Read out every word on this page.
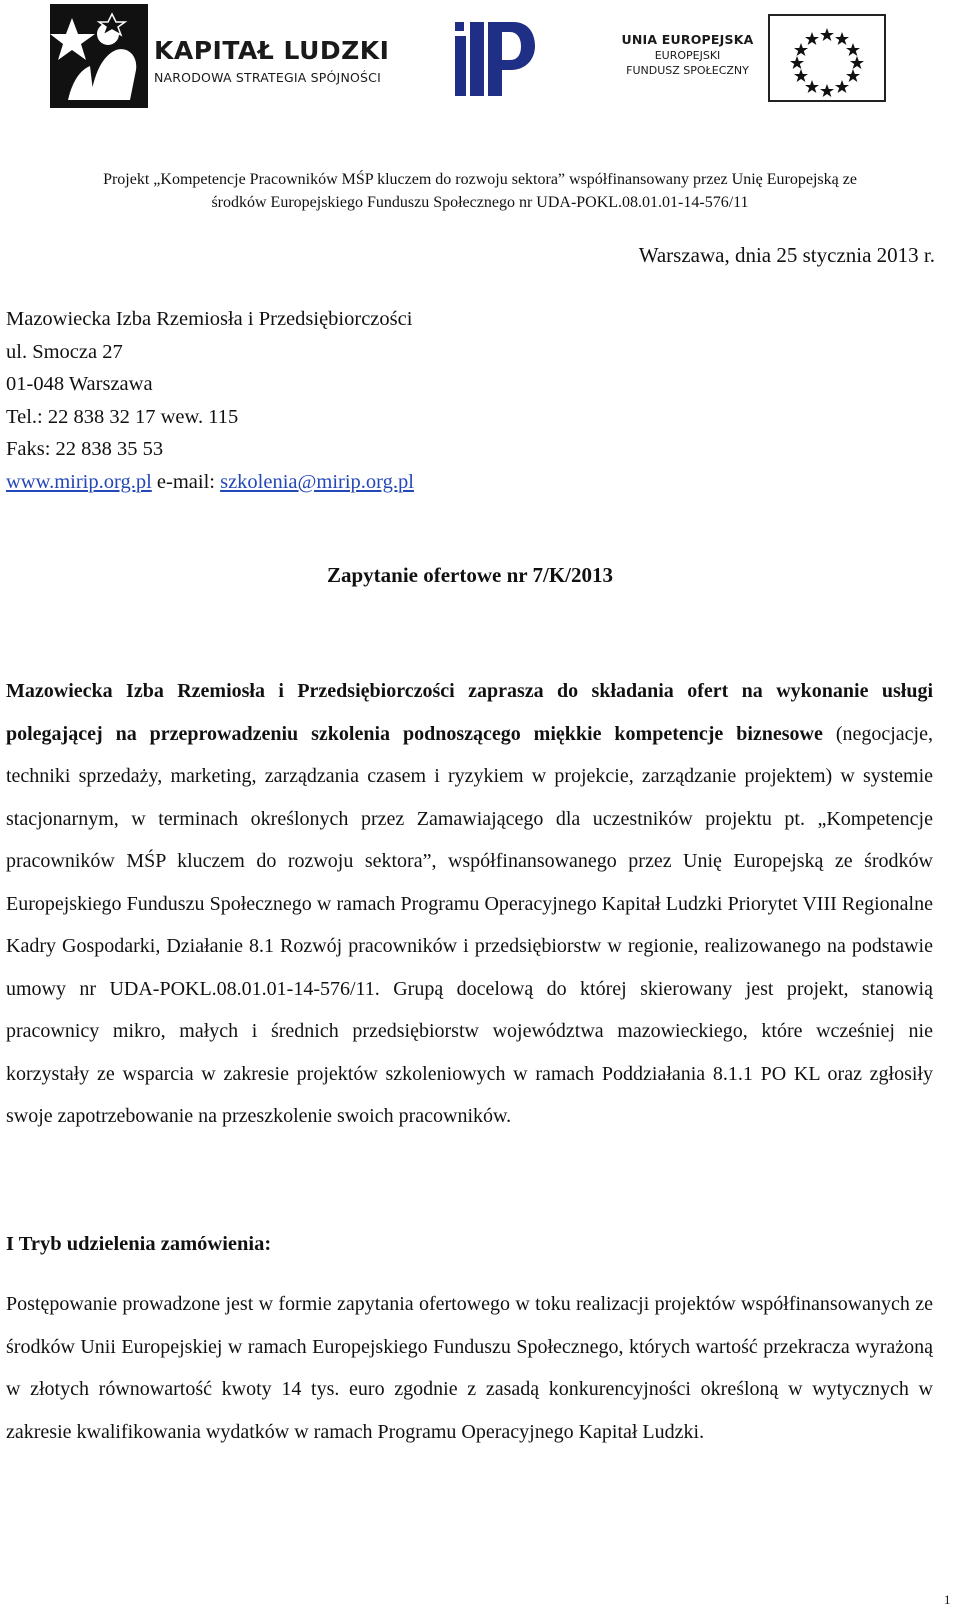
KAPITAŁ LUDZKI
NARODOWA STRATEGIA SPÓJNOŚCI
UNIA EUROPEJSKA
EUROPEJSKI
FUNDUSZ SPOŁECZNY
Projekt „Kompetencje Pracowników MŚP kluczem do rozwoju sektora” współfinansowany przez Unię Europejską ze
środków Europejskiego Funduszu Społecznego nr UDA-POKL.08.01.01-14-576/11
Warszawa, dnia 25 stycznia 2013 r.
Mazowiecka Izba Rzemiosła i Przedsiębiorczości
ul. Smocza 27
01-048 Warszawa
Tel.: 22 838 32 17 wew. 115
Faks: 22 838 35 53
www.mirip.org.pl e-mail: szkolenia@mirip.org.pl
Zapytanie ofertowe nr 7/K/2013
Mazowiecka Izba Rzemiosła i Przedsiębiorczości zaprasza do składania ofert na wykonanie usługi polegającej na przeprowadzeniu szkolenia podnoszącego miękkie kompetencje biznesowe (negocjacje, techniki sprzedaży, marketing, zarządzania czasem i ryzykiem w projekcie, zarządzanie projektem) w systemie stacjonarnym, w terminach określonych przez Zamawiającego dla uczestników projektu pt. „Kompetencje pracowników MŚP kluczem do rozwoju sektora”, współfinansowanego przez Unię Europejską ze środków Europejskiego Funduszu Społecznego w ramach Programu Operacyjnego Kapitał Ludzki Priorytet VIII Regionalne Kadry Gospodarki, Działanie 8.1 Rozwój pracowników i przedsiębiorstw w regionie, realizowanego na podstawie umowy nr UDA-POKL.08.01.01-14-576/11. Grupą docelową do której skierowany jest projekt, stanowią pracownicy mikro, małych i średnich przedsiębiorstw województwa mazowieckiego, które wcześniej nie korzystały ze wsparcia w zakresie projektów szkoleniowych w ramach Poddziałania 8.1.1 PO KL oraz zgłosiły swoje zapotrzebowanie na przeszkolenie swoich pracowników.
I Tryb udzielenia zamówienia:
Postępowanie prowadzone jest w formie zapytania ofertowego w toku realizacji projektów współfinansowanych ze środków Unii Europejskiej w ramach Europejskiego Funduszu Społecznego, których wartość przekracza wyrażoną w złotych równowartość kwoty 14 tys. euro zgodnie z zasadą konkurencyjności określoną w wytycznych w zakresie kwalifikowania wydatków w ramach Programu Operacyjnego Kapitał Ludzki.
1
